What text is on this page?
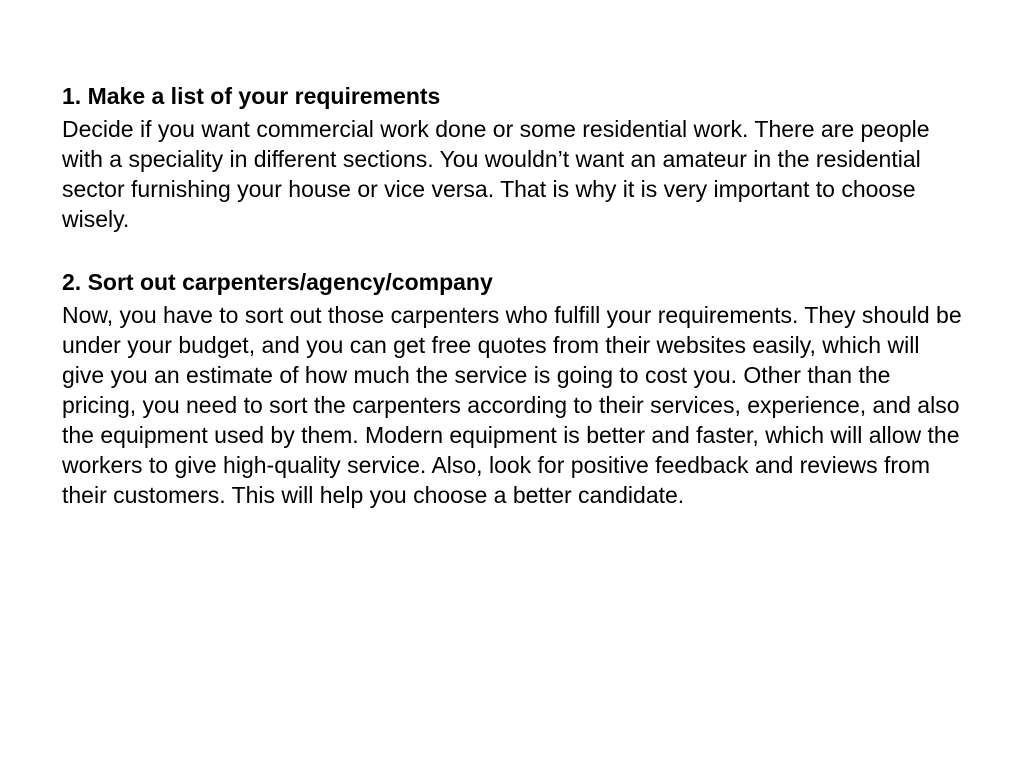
1. Make a list of your requirements

Decide if you want commercial work done or some residential work. There are people with a speciality in different sections. You wouldn’t want an amateur in the residential sector furnishing your house or vice versa. That is why it is very important to choose wisely.

2. Sort out carpenters/agency/company

Now, you have to sort out those carpenters who fulfill your requirements. They should be under your budget, and you can get free quotes from their websites easily, which will give you an estimate of how much the service is going to cost you. Other than the pricing, you need to sort the carpenters according to their services, experience, and also the equipment used by them. Modern equipment is better and faster, which will allow the workers to give high-quality service. Also, look for positive feedback and reviews from their customers. This will help you choose a better candidate.
